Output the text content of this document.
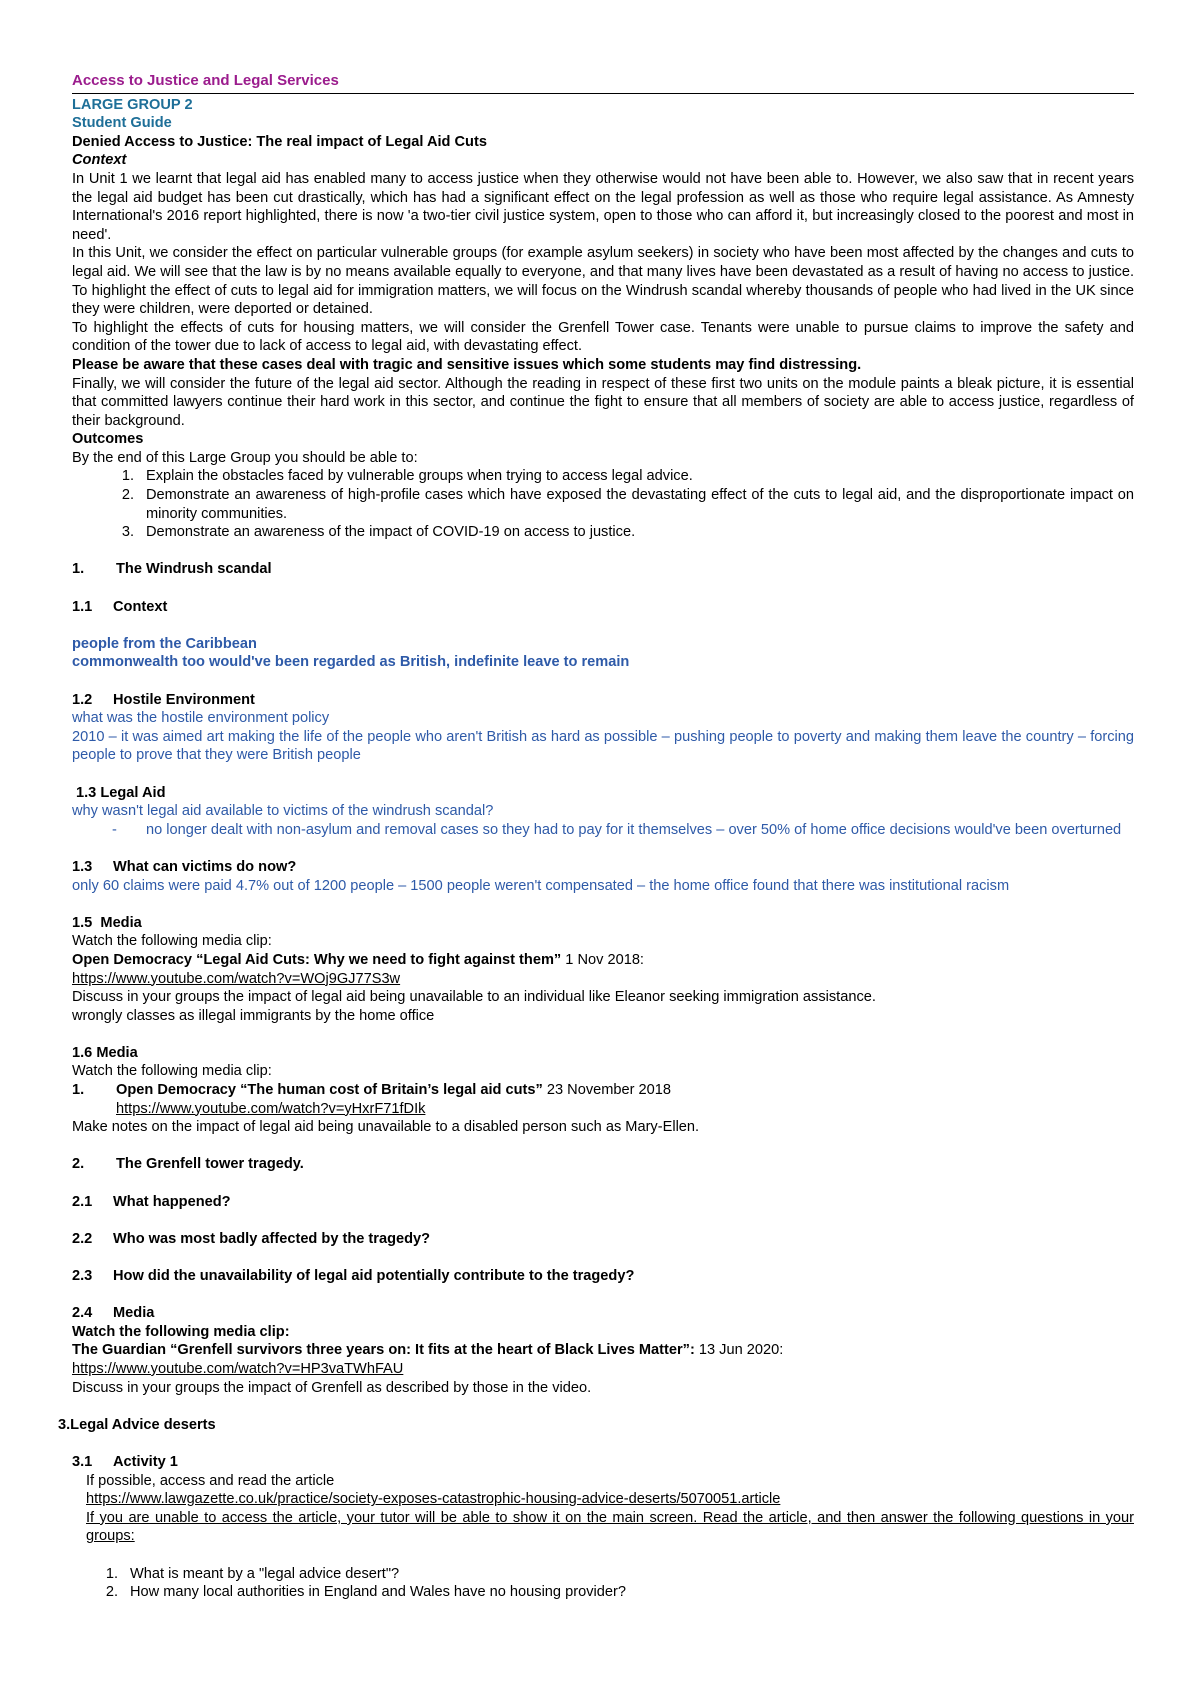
Access to Justice and Legal Services
LARGE GROUP 2
Student Guide
Denied Access to Justice: The real impact of Legal Aid Cuts
Context

In Unit 1 we learnt that legal aid has enabled many to access justice when they otherwise would not have been able to. However, we also saw that in recent years the legal aid budget has been cut drastically, which has had a significant effect on the legal profession as well as those who require legal assistance. As Amnesty International's 2016 report highlighted, there is now 'a two-tier civil justice system, open to those who can afford it, but increasingly closed to the poorest and most in need'.

In this Unit, we consider the effect on particular vulnerable groups (for example asylum seekers) in society who have been most affected by the changes and cuts to legal aid. We will see that the law is by no means available equally to everyone, and that many lives have been devastated as a result of having no access to justice. To highlight the effect of cuts to legal aid for immigration matters, we will focus on the Windrush scandal whereby thousands of people who had lived in the UK since they were children, were deported or detained.

To highlight the effects of cuts for housing matters, we will consider the Grenfell Tower case. Tenants were unable to pursue claims to improve the safety and condition of the tower due to lack of access to legal aid, with devastating effect.

Please be aware that these cases deal with tragic and sensitive issues which some students may find distressing.

Finally, we will consider the future of the legal aid sector. Although the reading in respect of these first two units on the module paints a bleak picture, it is essential that committed lawyers continue their hard work in this sector, and continue the fight to ensure that all members of society are able to access justice, regardless of their background.

Outcomes
By the end of this Large Group you should be able to:
1. Explain the obstacles faced by vulnerable groups when trying to access legal advice.
2. Demonstrate an awareness of high-profile cases which have exposed the devastating effect of the cuts to legal aid, and the disproportionate impact on minority communities.
3. Demonstrate an awareness of the impact of COVID-19 on access to justice.
1.	The Windrush scandal
1.1	Context
people from the Caribbean
commonwealth too would've been regarded as British, indefinite leave to remain
1.2	Hostile Environment
what was the hostile environment policy
2010 – it was aimed art making the life of the people who aren't British as hard as possible – pushing people to poverty and making them leave the country – forcing people to prove that they were British people
1.3 Legal Aid
why wasn't legal aid available to victims of the windrush scandal?
-	no longer dealt with non-asylum and removal cases so they had to pay for it themselves – over 50% of home office decisions would've been overturned
1.3	What can victims do now?
only 60 claims were paid 4.7% out of 1200 people – 1500 people weren't compensated – the home office found that there was institutional racism
1.5 Media
Watch the following media clip:
Open Democracy “Legal Aid Cuts: Why we need to fight against them” 1 Nov 2018:
https://www.youtube.com/watch?v=WOj9GJ77S3w
Discuss in your groups the impact of legal aid being unavailable to an individual like Eleanor seeking immigration assistance.
wrongly classes as illegal immigrants by the home office
1.6 Media
Watch the following media clip:
1.	Open Democracy “The human cost of Britain’s legal aid cuts” 23 November 2018
https://www.youtube.com/watch?v=yHxrF71fDIk
Make notes on the impact of legal aid being unavailable to a disabled person such as Mary-Ellen.
2.	The Grenfell tower tragedy.
2.1	What happened?
2.2	Who was most badly affected by the tragedy?
2.3	How did the unavailability of legal aid potentially contribute to the tragedy?
2.4	Media
Watch the following media clip:
The Guardian “Grenfell survivors three years on: It fits at the heart of Black Lives Matter”: 13 Jun 2020:
https://www.youtube.com/watch?v=HP3vaTWhFAU
Discuss in your groups the impact of Grenfell as described by those in the video.
3.Legal Advice deserts
3.1	Activity 1
If possible, access and read the article
https://www.lawgazette.co.uk/practice/society-exposes-catastrophic-housing-advice-deserts/5070051.article
If you are unable to access the article, your tutor will be able to show it on the main screen. Read the article, and then answer the following questions in your groups:
1. What is meant by a "legal advice desert"?
2. How many local authorities in England and Wales have no housing provider?
